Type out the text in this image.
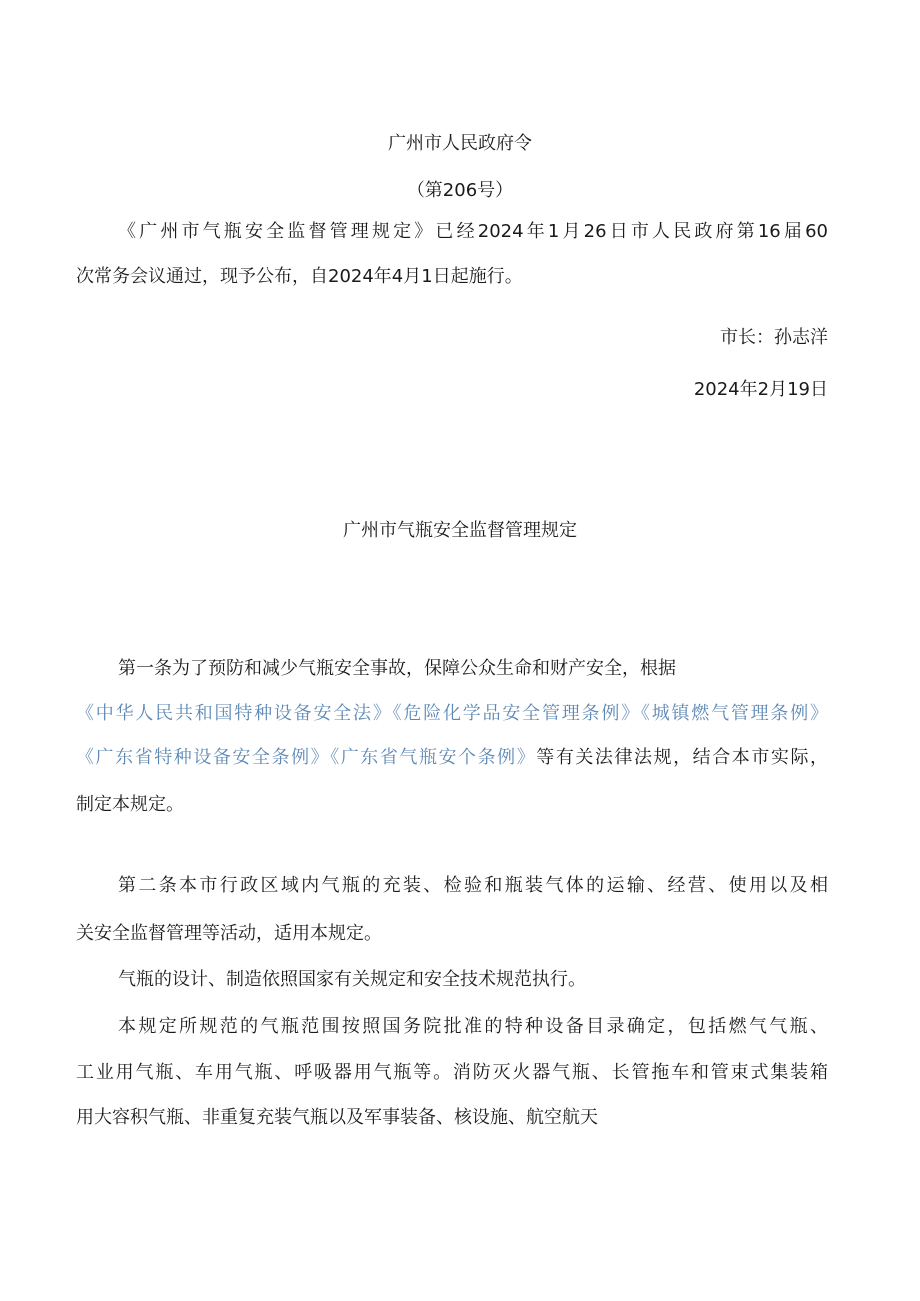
广州市人民政府令
（第206号）
《广州市气瓶安全监督管理规定》已经2024年1月26日市人民政府第16届60
次常务会议通过，现予公布，自2024年4月1日起施行。
市长：孙志洋
2024年2月19日
广州市气瓶安全监督管理规定
第一条为了预防和减少气瓶安全事故，保障公众生命和财产安全，根据
《中华人民共和国特种设备安全法》《危险化学品安全管理条例》《城镇燃气管理条例》
《广东省特种设备安全条例》《广东省气瓶安个条例》等有关法律法规，结合本市实际，
制定本规定。
第二条本市行政区域内气瓶的充装、检验和瓶装气体的运输、经营、使用以及相
关安全监督管理等活动，适用本规定。
气瓶的设计、制造依照国家有关规定和安全技术规范执行。
本规定所规范的气瓶范围按照国务院批准的特种设备目录确定，包括燃气气瓶、
工业用气瓶、车用气瓶、呼吸器用气瓶等。消防灭火器气瓶、长管拖车和管束式集装箱
用大容积气瓶、非重复充装气瓶以及军事装备、核设施、航空航天
